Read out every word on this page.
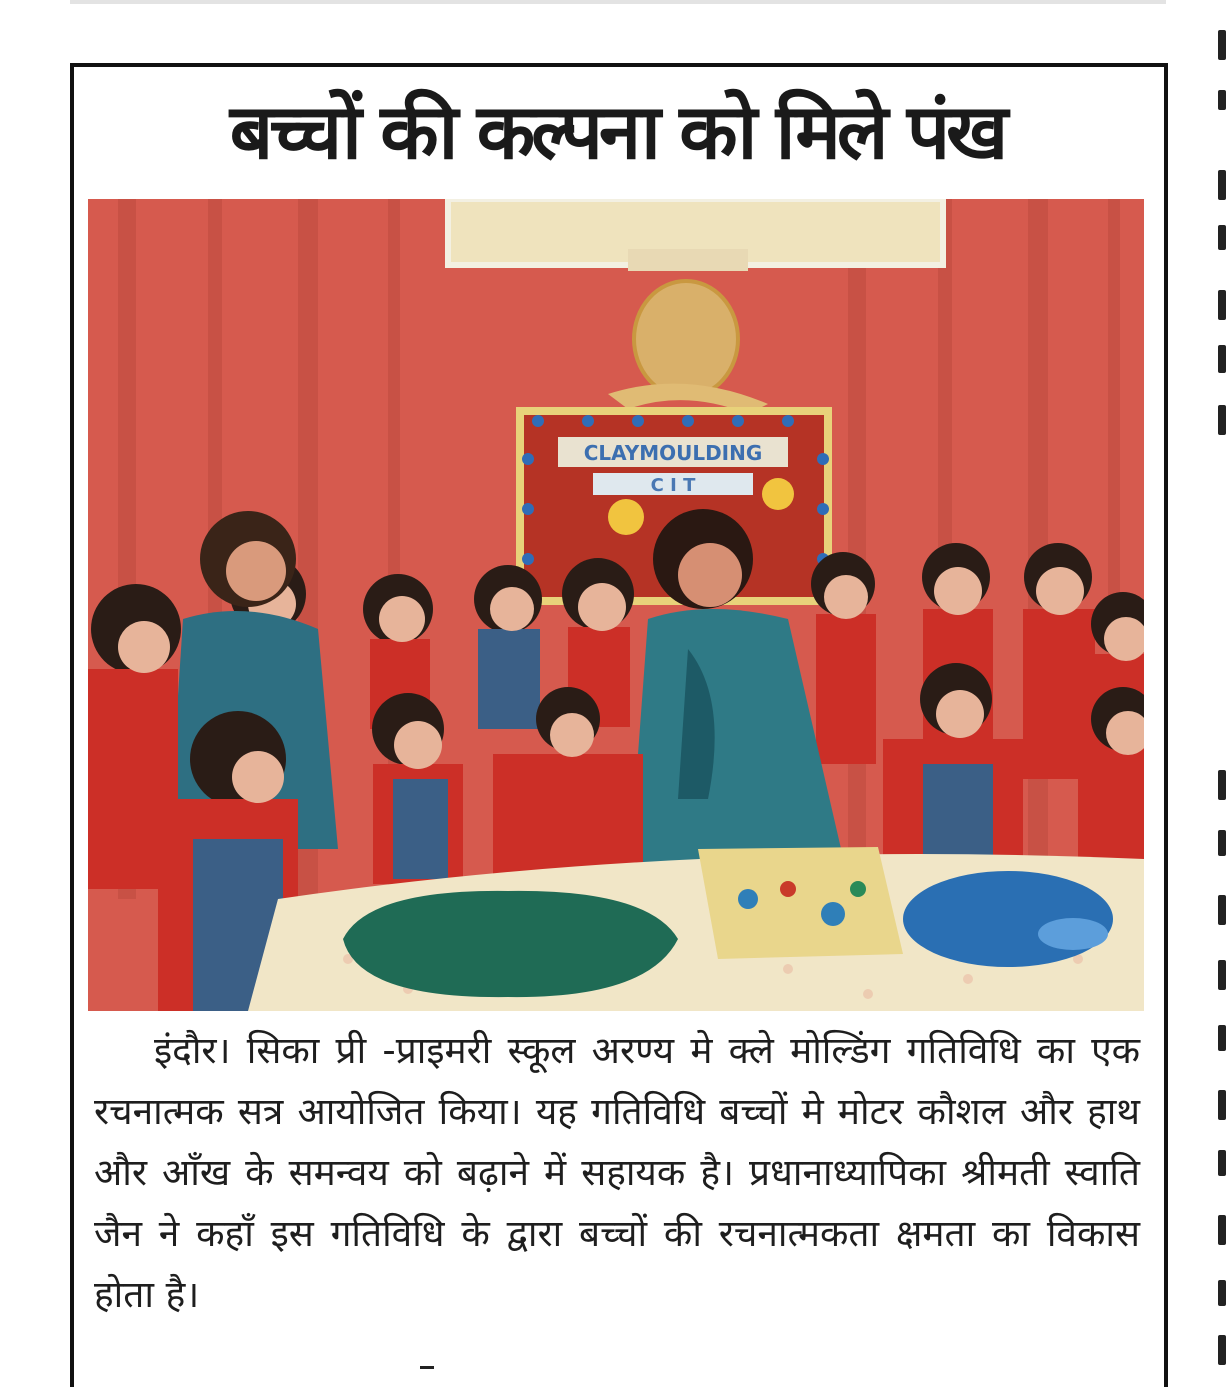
बच्चों की कल्पना को मिले पंख
CLAYMOULDING
C I T

इंदौर। सिका प्री -प्राइमरी स्कूल अरण्य मे क्ले मोल्डिंग गतिविधि का एक रचनात्मक सत्र आयोजित किया। यह गतिविधि बच्चों मे मोटर कौशल और हाथ और आँख के समन्वय को बढ़ाने में सहायक है। प्रधानाध्यापिका श्रीमती स्वाति जैन ने कहाँ इस गतिविधि के द्वारा बच्चों की रचनात्मकता क्षमता का विकास होता है।
